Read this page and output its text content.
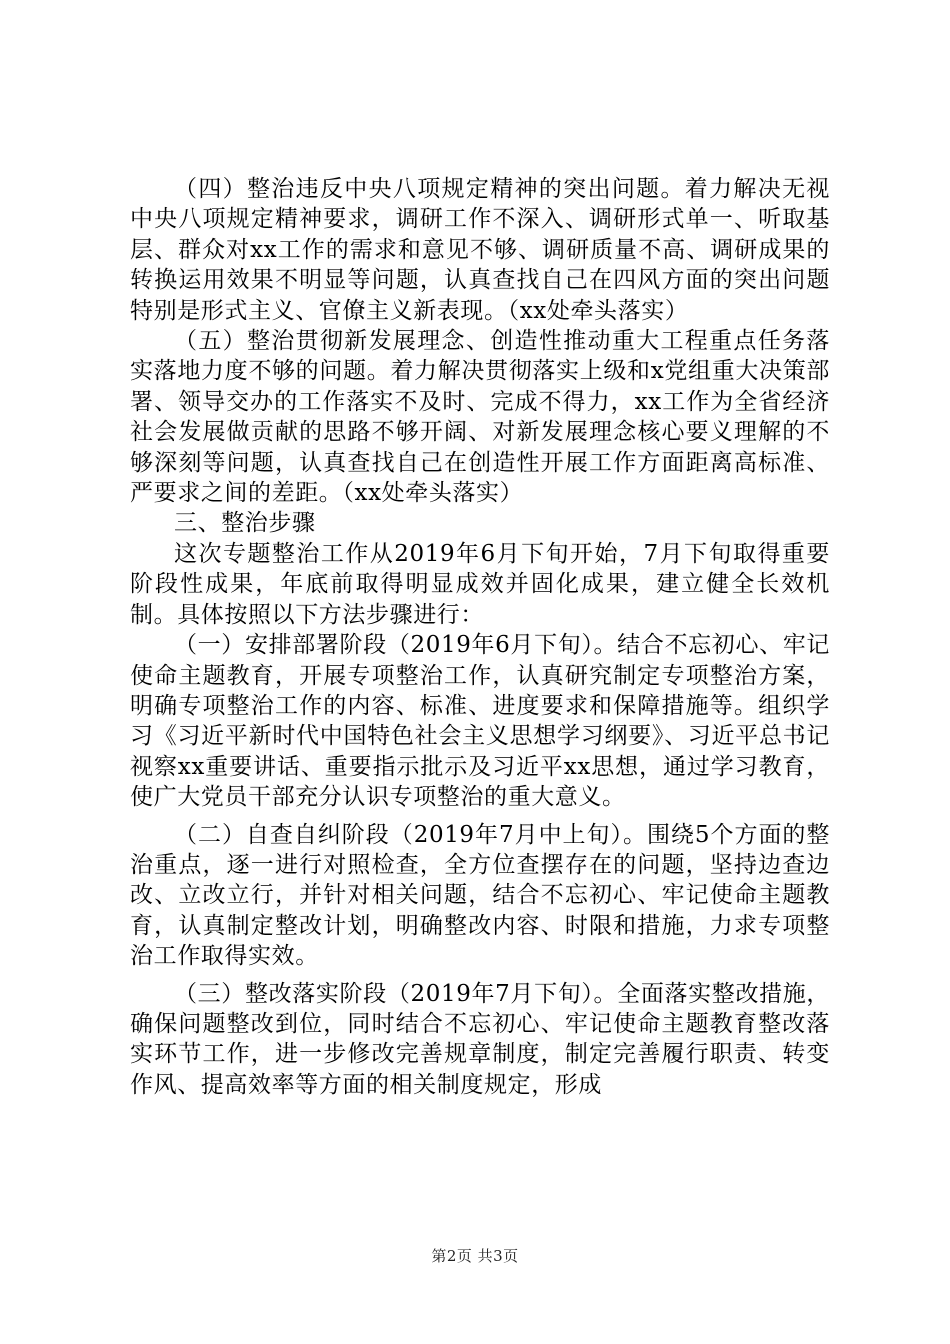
（四）整治违反中央八项规定精神的突出问题。着力解决无视中央八项规定精神要求，调研工作不深入、调研形式单一、听取基层、群众对xx工作的需求和意见不够、调研质量不高、调研成果的转换运用效果不明显等问题，认真查找自己在四风方面的突出问题特别是形式主义、官僚主义新表现。（xx处牵头落实）

（五）整治贯彻新发展理念、创造性推动重大工程重点任务落实落地力度不够的问题。着力解决贯彻落实上级和x党组重大决策部署、领导交办的工作落实不及时、完成不得力，xx工作为全省经济社会发展做贡献的思路不够开阔、对新发展理念核心要义理解的不够深刻等问题，认真查找自己在创造性开展工作方面距离高标准、严要求之间的差距。（xx处牵头落实）

三、整治步骤

这次专题整治工作从2019年6月下旬开始，7月下旬取得重要阶段性成果，年底前取得明显成效并固化成果，建立健全长效机制。具体按照以下方法步骤进行：

（一）安排部署阶段（2019年6月下旬）。结合不忘初心、牢记使命主题教育，开展专项整治工作，认真研究制定专项整治方案，明确专项整治工作的内容、标准、进度要求和保障措施等。组织学习《习近平新时代中国特色社会主义思想学习纲要》、习近平总书记视察xx重要讲话、重要指示批示及习近平xx思想，通过学习教育，使广大党员干部充分认识专项整治的重大意义。

（二）自查自纠阶段（2019年7月中上旬）。围绕5个方面的整治重点，逐一进行对照检查，全方位查摆存在的问题，坚持边查边改、立改立行，并针对相关问题，结合不忘初心、牢记使命主题教育，认真制定整改计划，明确整改内容、时限和措施，力求专项整治工作取得实效。

（三）整改落实阶段（2019年7月下旬）。全面落实整改措施，确保问题整改到位，同时结合不忘初心、牢记使命主题教育整改落实环节工作，进一步修改完善规章制度，制定完善履行职责、转变作风、提高效率等方面的相关制度规定，形成

第2页 共3页
